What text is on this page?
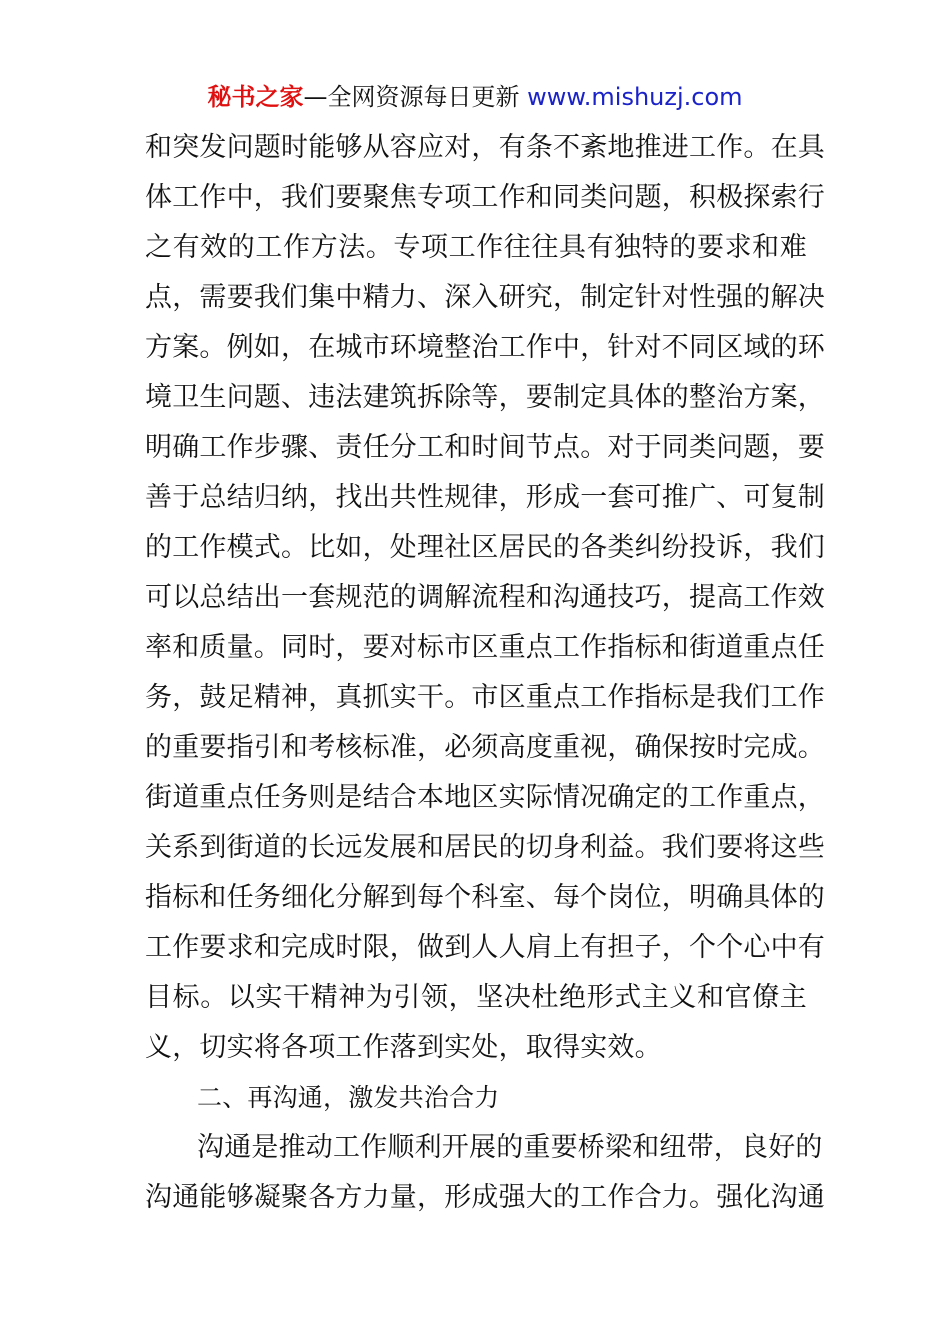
秘书之家—全网资源每日更新 www.mishuzj.com
和突发问题时能够从容应对，有条不紊地推进工作。在具
体工作中，我们要聚焦专项工作和同类问题，积极探索行
之有效的工作方法。专项工作往往具有独特的要求和难
点，需要我们集中精力、深入研究，制定针对性强的解决
方案。例如，在城市环境整治工作中，针对不同区域的环
境卫生问题、违法建筑拆除等，要制定具体的整治方案，
明确工作步骤、责任分工和时间节点。对于同类问题，要
善于总结归纳，找出共性规律，形成一套可推广、可复制
的工作模式。比如，处理社区居民的各类纠纷投诉，我们
可以总结出一套规范的调解流程和沟通技巧，提高工作效
率和质量。同时，要对标市区重点工作指标和街道重点任
务，鼓足精神，真抓实干。市区重点工作指标是我们工作
的重要指引和考核标准，必须高度重视，确保按时完成。
街道重点任务则是结合本地区实际情况确定的工作重点，
关系到街道的长远发展和居民的切身利益。我们要将这些
指标和任务细化分解到每个科室、每个岗位，明确具体的
工作要求和完成时限，做到人人肩上有担子，个个心中有
目标。以实干精神为引领，坚决杜绝形式主义和官僚主
义，切实将各项工作落到实处，取得实效。
二、再沟通，激发共治合力
沟通是推动工作顺利开展的重要桥梁和纽带，良好的
沟通能够凝聚各方力量，形成强大的工作合力。强化沟通
